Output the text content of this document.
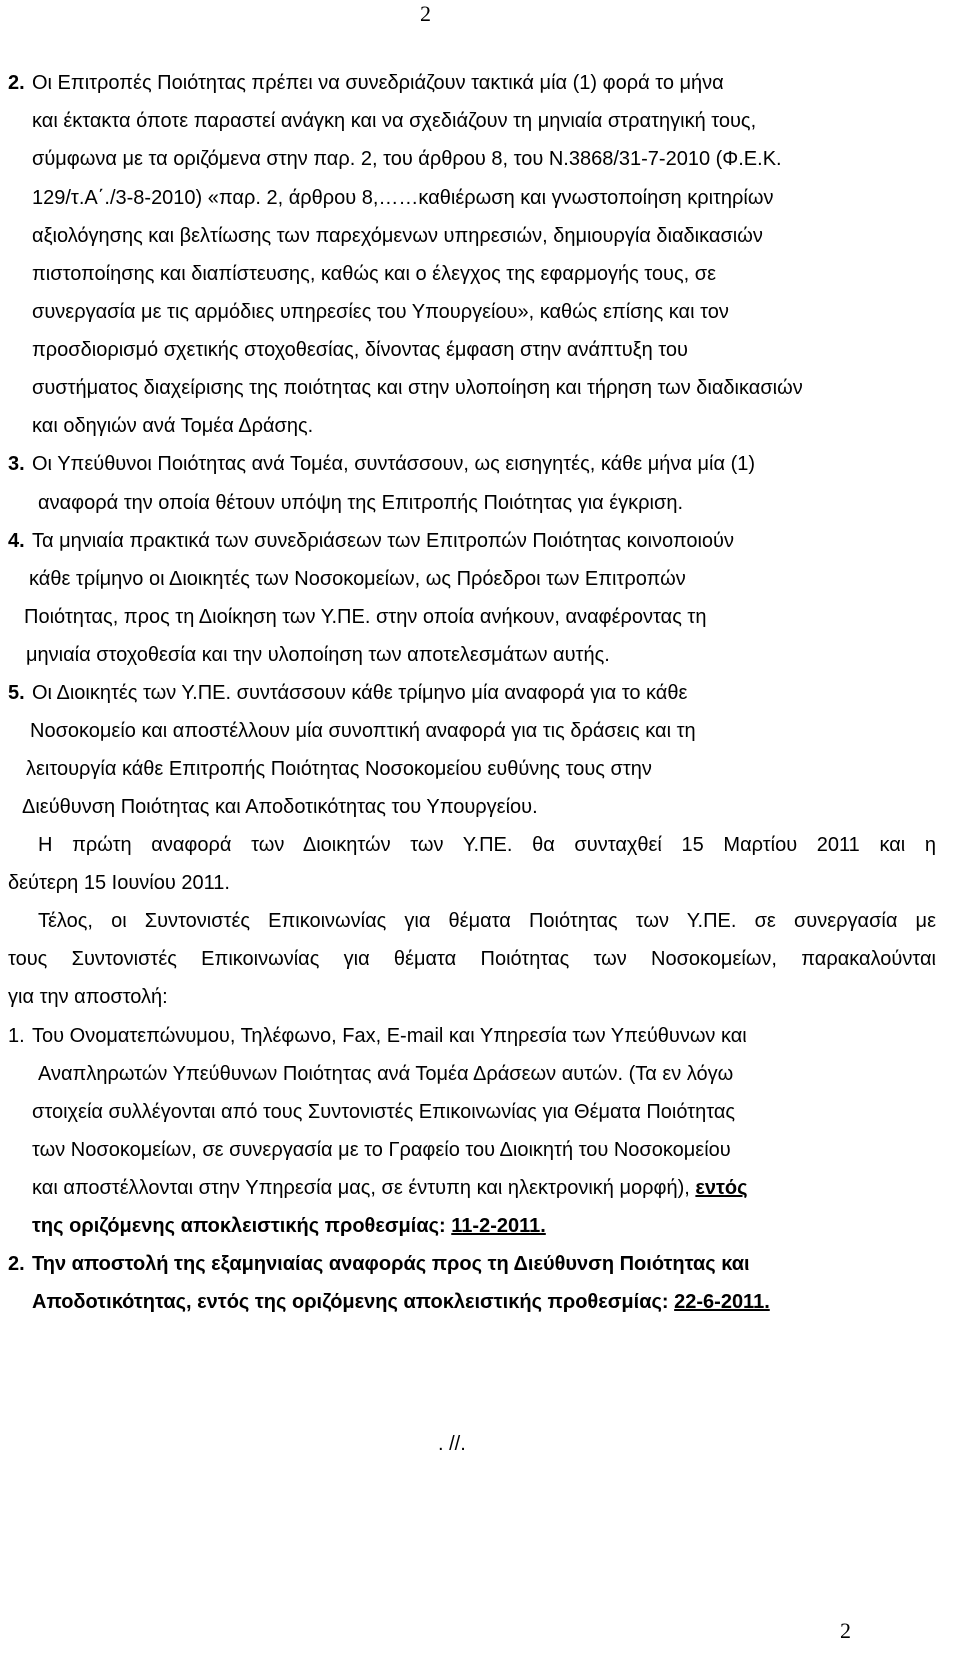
2
2. Οι Επιτροπές Ποιότητας πρέπει να συνεδριάζουν τακτικά μία (1) φορά το μήνα
και έκτακτα όποτε παραστεί ανάγκη και να σχεδιάζουν τη μηνιαία στρατηγική τους,
σύμφωνα με τα οριζόμενα στην παρ. 2, του άρθρου 8, του Ν.3868/31-7-2010 (Φ.Ε.Κ.
129/τ.Α΄./3-8-2010) «παρ. 2, άρθρου 8,……καθιέρωση και γνωστοποίηση κριτηρίων
αξιολόγησης και βελτίωσης των παρεχόμενων υπηρεσιών, δημιουργία διαδικασιών
πιστοποίησης και διαπίστευσης, καθώς και ο έλεγχος της εφαρμογής τους, σε
συνεργασία με τις αρμόδιες υπηρεσίες του Υπουργείου», καθώς επίσης και τον
προσδιορισμό σχετικής στοχοθεσίας, δίνοντας έμφαση στην ανάπτυξη του
συστήματος διαχείρισης της ποιότητας και στην υλοποίηση και τήρηση των διαδικασιών
και οδηγιών ανά Τομέα Δράσης.
3. Οι Υπεύθυνοι Ποιότητας ανά Τομέα, συντάσσουν, ως εισηγητές, κάθε μήνα μία (1)
αναφορά την οποία θέτουν υπόψη της Επιτροπής Ποιότητας για έγκριση.
4. Τα μηνιαία πρακτικά των συνεδριάσεων των Επιτροπών Ποιότητας κοινοποιούν
κάθε τρίμηνο οι Διοικητές των Νοσοκομείων, ως Πρόεδροι των Επιτροπών
Ποιότητας, προς τη Διοίκηση των Υ.ΠΕ. στην οποία ανήκουν, αναφέροντας τη
μηνιαία στοχοθεσία και την υλοποίηση των αποτελεσμάτων αυτής.
5. Οι Διοικητές των Υ.ΠΕ. συντάσσουν κάθε τρίμηνο μία αναφορά για το κάθε
Νοσοκομείο και αποστέλλουν μία συνοπτική αναφορά για τις δράσεις και τη
λειτουργία κάθε Επιτροπής Ποιότητας Νοσοκομείου ευθύνης τους στην
Διεύθυνση Ποιότητας και Αποδοτικότητας του Υπουργείου.
Η πρώτη αναφορά των Διοικητών των Υ.ΠΕ. θα συνταχθεί 15 Μαρτίου 2011 και η
δεύτερη 15 Ιουνίου 2011.
Τέλος, οι Συντονιστές Επικοινωνίας για θέματα Ποιότητας των Υ.ΠΕ. σε συνεργασία με
τους Συντονιστές Επικοινωνίας για θέματα Ποιότητας των Νοσοκομείων, παρακαλούνται
για την αποστολή:
1. Του Ονοματεπώνυμου, Τηλέφωνο, Fax, E-mail και Υπηρεσία των Υπεύθυνων και
Αναπληρωτών Υπεύθυνων Ποιότητας ανά Τομέα Δράσεων αυτών. (Τα εν λόγω
στοιχεία συλλέγονται από τους Συντονιστές Επικοινωνίας για Θέματα Ποιότητας
των Νοσοκομείων, σε συνεργασία με το Γραφείο του Διοικητή του Νοσοκομείου
και αποστέλλονται στην Υπηρεσία μας, σε έντυπη και ηλεκτρονική μορφή), εντός
της οριζόμενης αποκλειστικής προθεσμίας: 11-2-2011.
2. Την αποστολή της εξαμηνιαίας αναφοράς προς τη Διεύθυνση Ποιότητας και
Αποδοτικότητας, εντός της οριζόμενης αποκλειστικής προθεσμίας: 22-6-2011.
. //.
2
